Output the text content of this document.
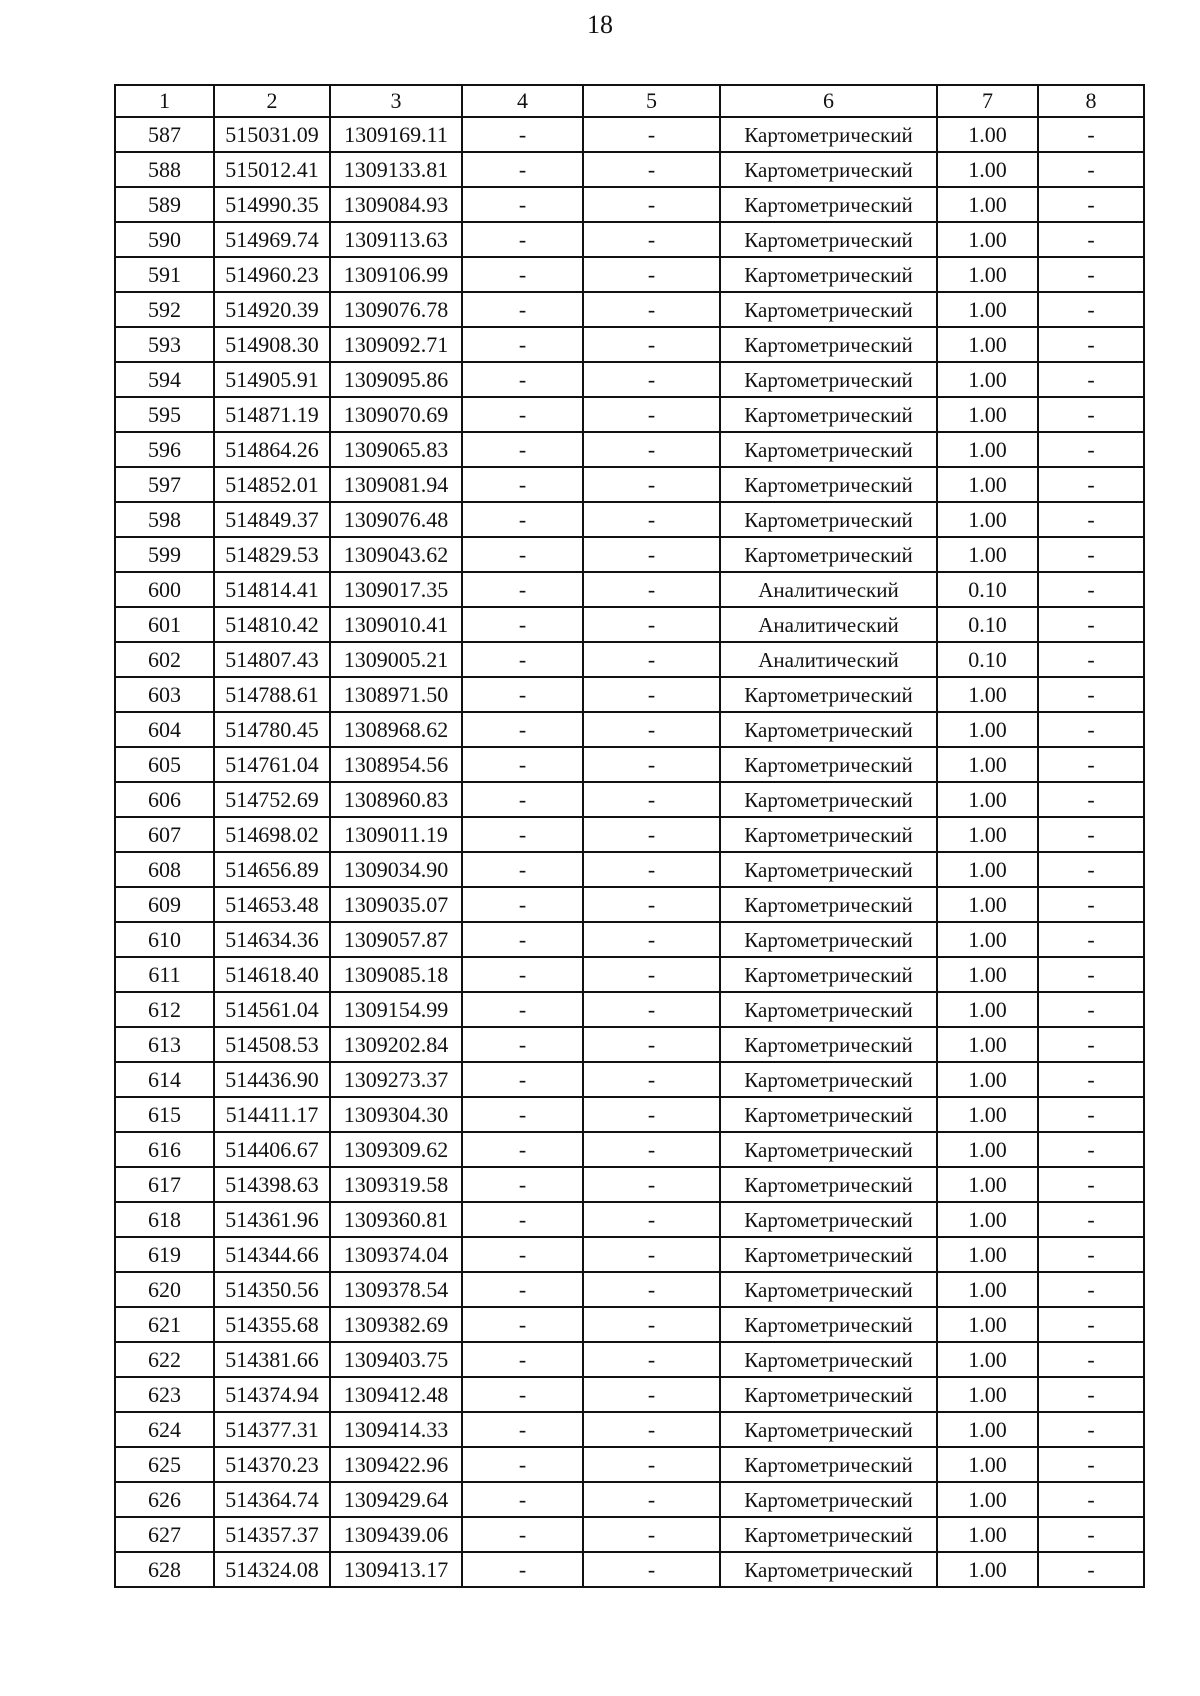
18
1	2	3	4	5	6	7	8
587	515031.09	1309169.11	-	-	Картометрический	1.00	-
588	515012.41	1309133.81	-	-	Картометрический	1.00	-
589	514990.35	1309084.93	-	-	Картометрический	1.00	-
590	514969.74	1309113.63	-	-	Картометрический	1.00	-
591	514960.23	1309106.99	-	-	Картометрический	1.00	-
592	514920.39	1309076.78	-	-	Картометрический	1.00	-
593	514908.30	1309092.71	-	-	Картометрический	1.00	-
594	514905.91	1309095.86	-	-	Картометрический	1.00	-
595	514871.19	1309070.69	-	-	Картометрический	1.00	-
596	514864.26	1309065.83	-	-	Картометрический	1.00	-
597	514852.01	1309081.94	-	-	Картометрический	1.00	-
598	514849.37	1309076.48	-	-	Картометрический	1.00	-
599	514829.53	1309043.62	-	-	Картометрический	1.00	-
600	514814.41	1309017.35	-	-	Аналитический	0.10	-
601	514810.42	1309010.41	-	-	Аналитический	0.10	-
602	514807.43	1309005.21	-	-	Аналитический	0.10	-
603	514788.61	1308971.50	-	-	Картометрический	1.00	-
604	514780.45	1308968.62	-	-	Картометрический	1.00	-
605	514761.04	1308954.56	-	-	Картометрический	1.00	-
606	514752.69	1308960.83	-	-	Картометрический	1.00	-
607	514698.02	1309011.19	-	-	Картометрический	1.00	-
608	514656.89	1309034.90	-	-	Картометрический	1.00	-
609	514653.48	1309035.07	-	-	Картометрический	1.00	-
610	514634.36	1309057.87	-	-	Картометрический	1.00	-
611	514618.40	1309085.18	-	-	Картометрический	1.00	-
612	514561.04	1309154.99	-	-	Картометрический	1.00	-
613	514508.53	1309202.84	-	-	Картометрический	1.00	-
614	514436.90	1309273.37	-	-	Картометрический	1.00	-
615	514411.17	1309304.30	-	-	Картометрический	1.00	-
616	514406.67	1309309.62	-	-	Картометрический	1.00	-
617	514398.63	1309319.58	-	-	Картометрический	1.00	-
618	514361.96	1309360.81	-	-	Картометрический	1.00	-
619	514344.66	1309374.04	-	-	Картометрический	1.00	-
620	514350.56	1309378.54	-	-	Картометрический	1.00	-
621	514355.68	1309382.69	-	-	Картометрический	1.00	-
622	514381.66	1309403.75	-	-	Картометрический	1.00	-
623	514374.94	1309412.48	-	-	Картометрический	1.00	-
624	514377.31	1309414.33	-	-	Картометрический	1.00	-
625	514370.23	1309422.96	-	-	Картометрический	1.00	-
626	514364.74	1309429.64	-	-	Картометрический	1.00	-
627	514357.37	1309439.06	-	-	Картометрический	1.00	-
628	514324.08	1309413.17	-	-	Картометрический	1.00	-
